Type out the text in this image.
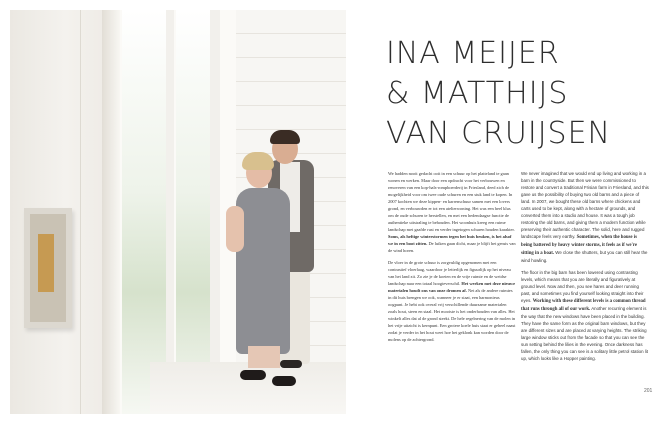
INA MEIJER
& MATTHIJS
VAN CRUIJSEN

We hadden nooit gedacht ooit in een schuur op het platteland te gaan wonen en werken. Maar door een opdracht voor het verbouwen en renoveren van een kop-hals-rompboerderij in Friesland, deed zich de mogelijkheid voor om twee oude schuren en een stuk land te kopen. In 2007 kochten we deze kippen- en karrenschuur samen met een lovers grond, en verbouwden er tot een atelierwoning. Het was een heel klus om de oude schuren te herstellen, en met een hedendaagse functie de authentieke uitstraling te behouden. Het woonhuis kreeg een ruime landschap met gaafde rust en verder ingetogen schuren houden karakter. Soms, als heftige winterstormen tegen het huis beuken, is het alsof we in een boot zitten. De luiken gaan dicht, maar je blijft het geruis van de wind horen.

De vloer in de grote schuur is zorgvuldig opgenomen met een contrastief vloerlaag, waardoor je letterlijk en figuurlijk op het niveau van het land zit. Zo zie je de koeien en de vrije ruimte en de weidse landschap naar een totaal hoogteverschil. Het werken met deze nieuwe materialen houdt ons van onze dromen af. Net als de andere ruimtes in dit huis brengen we ook, wanneer je er staat, een harmonieus oogpunt. Je hebt ook overal vrij verschillende duurzame materialen zoals hout, steen en staal. Het mooiste is het onderhouden van alles. Het winkelt alles dat al de grond steekt. De hele regelnering van de molen in het vrije uitzicht is kernpunt. Een grotere koele huis staat er geheel naast zodat je verder in het hout weet hoe het geklonk kan worden door de molens op de achtergrond.

We never imagined that we would end up living and working in a barn in the countryside. But then we were commissioned to restore and convert a traditional Frisian farm in Friesland, and this gave us the possibility of buying two old barns and a piece of land. In 2007, we bought these old barns where chickens and carts used to be kept, along with a hectare of grounds, and converted them into a studio and house. It was a tough job restoring the old barns, and giving them a modern function while preserving their authentic character. The solid, here and rugged landscape feels very earthy. Sometimes, when the house is being battered by heavy winter storms, it feels as if we're sitting in a boat. We close the shutters, but you can still hear the wind howling.

The floor in the big barn has been lowered using contrasting levels, which means that you are literally and figuratively at ground level. Now and then, you see hares and deer running past, and sometimes you find yourself looking straight into their eyes. Working with these different levels is a common thread that runs through all of our work. Another recurring element is the way that the new windows have been placed in the building. They have the same form as the original barn windows, but they are different sizes and are placed at varying heights. The striking large window sticks out from the facade so that you can see the sun setting behind the lilies in the evening. Once darkness has fallen, the only thing you can see is a solitary little petrol station lit up, which looks like a Hopper painting.

201
